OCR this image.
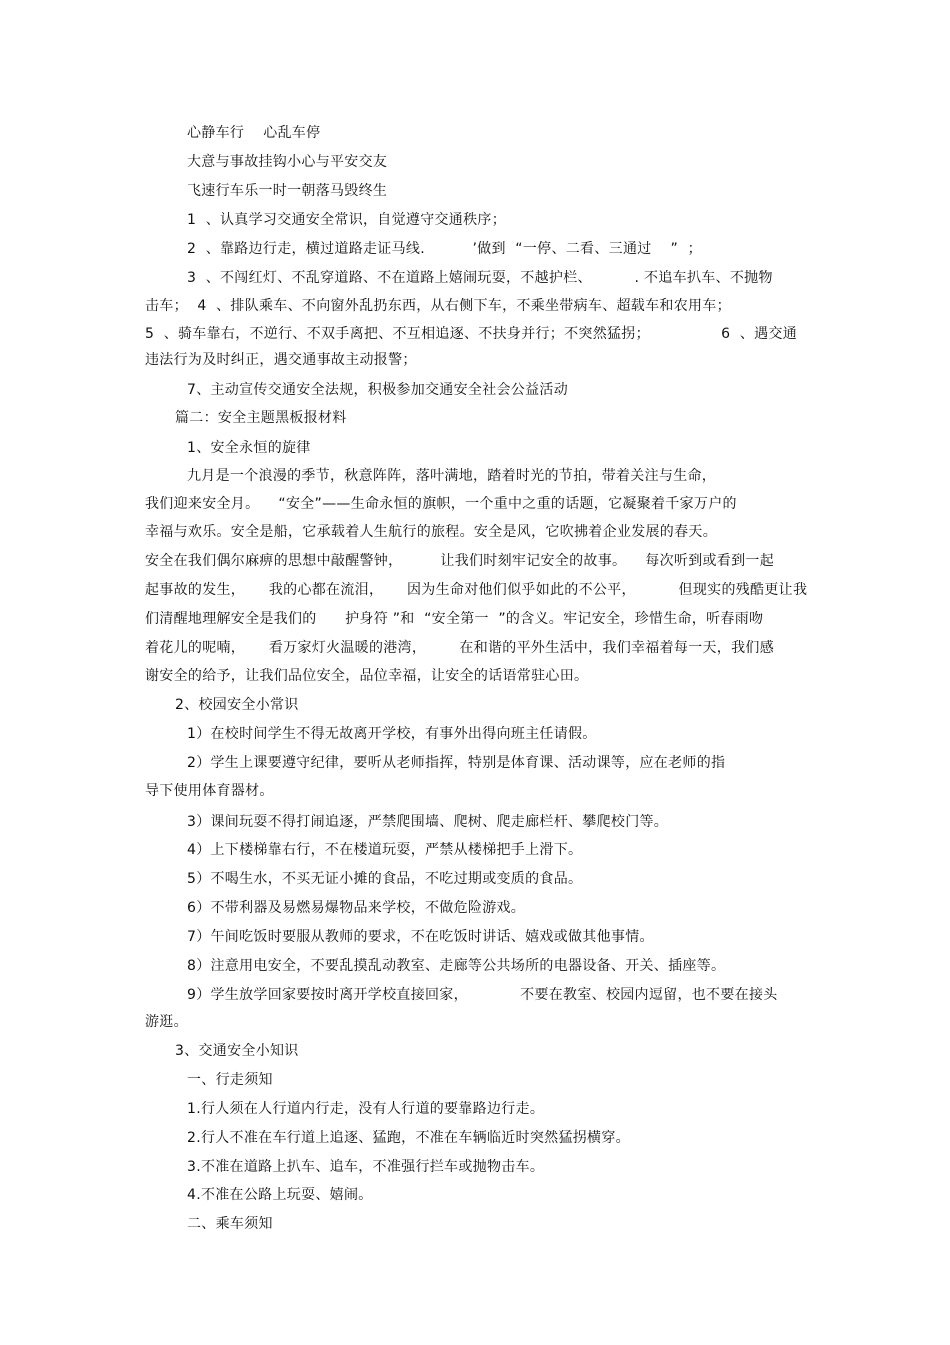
心静车行    心乱车停
大意与事故挂钩小心与平安交友
飞速行车乐一时一朝落马毁终生
1  、认真学习交通安全常识，自觉遵守交通秩序；
2  、靠路边行走，横过道路走证马线.          ’做到  “一停、二看、三通过    ”  ；
3  、不闯红灯、不乱穿道路、不在道路上嬉闹玩耍，不越护栏、         . 不追车扒车、不抛物
击车；  4  、排队乘车、不向窗外乱扔东西，从右侧下车，不乘坐带病车、超载车和农用车；
5  、骑车靠右，不逆行、不双手离把、不互相追逐、不扶身并行；不突然猛拐；               6  、遇交通
违法行为及时纠正，遇交通事故主动报警；
7、主动宣传交通安全法规，积极参加交通安全社会公益活动
篇二：安全主题黑板报材料
1、安全永恒的旋律
九月是一个浪漫的季节，秋意阵阵，落叶满地，踏着时光的节拍，带着关注与生命，
我们迎来安全月。    “安全”——生命永恒的旗帜，一个重中之重的话题，它凝聚着千家万户的
幸福与欢乐。安全是船，它承载着人生航行的旅程。安全是风，它吹拂着企业发展的春天。
安全在我们偶尔麻痹的思想中敲醒警钟，        让我们时刻牢记安全的故事。    每次听到或看到一起
起事故的发生，     我的心都在流泪，     因为生命对他们似乎如此的不公平，         但现实的残酷更让我
们清醒地理解安全是我们的      护身符 ”和  “安全第一  ”的含义。牢记安全，珍惜生命，听春雨吻
着花儿的呢喃，     看万家灯火温暖的港湾，       在和谐的平外生活中，我们幸福着每一天，我们感
谢安全的给予，让我们品位安全，品位幸福，让安全的话语常驻心田。
2、校园安全小常识
1）在校时间学生不得无故离开学校，有事外出得向班主任请假。
2）学生上课要遵守纪律，要听从老师指挥，特别是体育课、活动课等，应在老师的指
导下使用体育器材。
3）课间玩耍不得打闹追逐，严禁爬围墙、爬树、爬走廊栏杆、攀爬校门等。
4）上下楼梯靠右行，不在楼道玩耍，严禁从楼梯把手上滑下。
5）不喝生水，不买无证小摊的食品，不吃过期或变质的食品。
6）不带利器及易燃易爆物品来学校，不做危险游戏。
7）午间吃饭时要服从教师的要求，不在吃饭时讲话、嬉戏或做其他事情。
8）注意用电安全，不要乱摸乱动教室、走廊等公共场所的电器设备、开关、插座等。
9）学生放学回家要按时离开学校直接回家，           不要在教室、校园内逗留，也不要在接头
游逛。
3、交通安全小知识
一、行走须知
1.行人须在人行道内行走，没有人行道的要靠路边行走。
2.行人不准在车行道上追逐、猛跑，不准在车辆临近时突然猛拐横穿。
3.不准在道路上扒车、追车，不准强行拦车或抛物击车。
4.不准在公路上玩耍、嬉闹。
二、乘车须知
